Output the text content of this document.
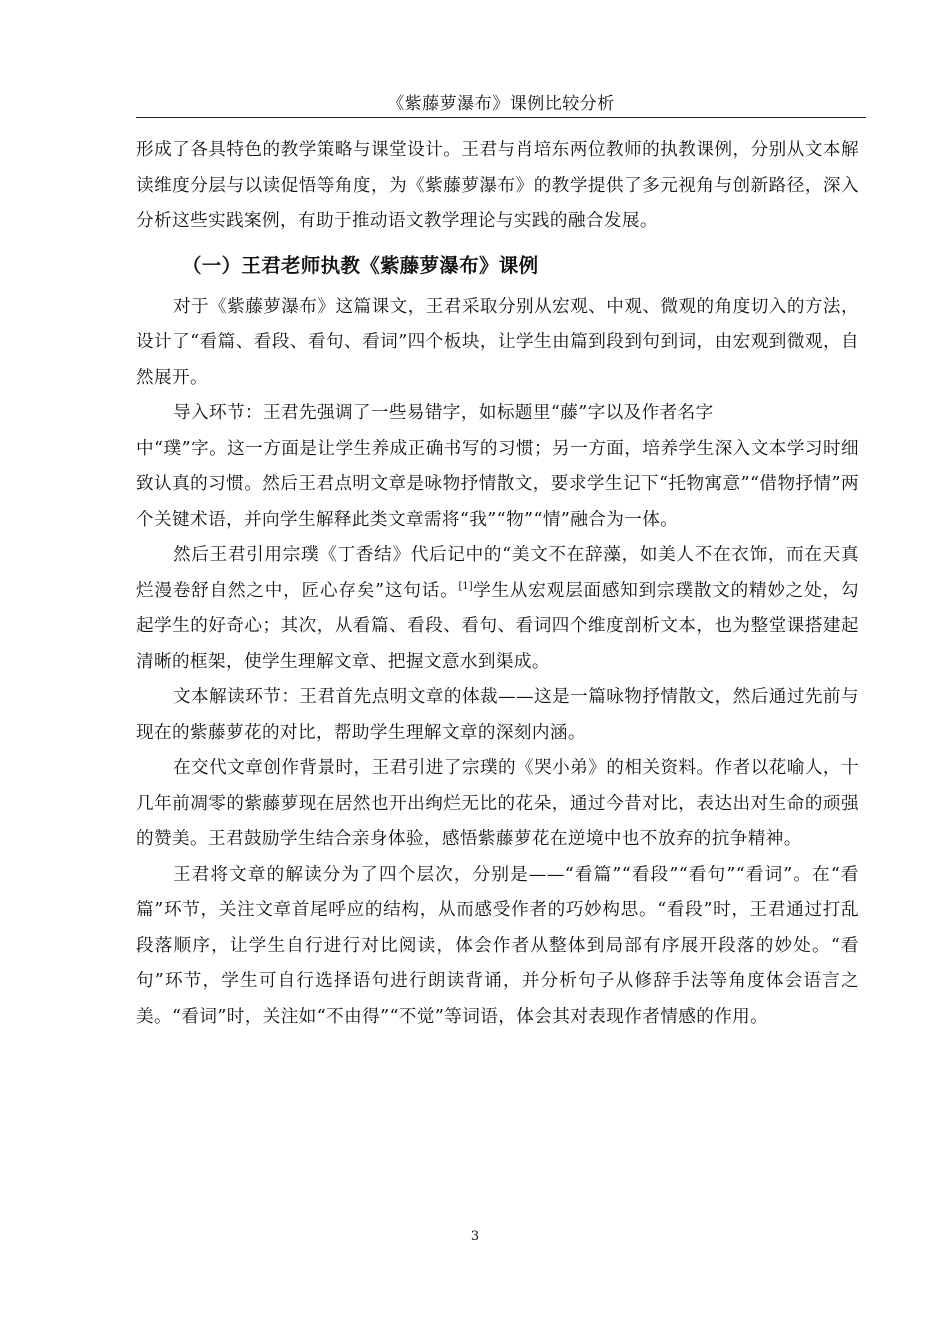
《紫藤萝瀑布》课例比较分析

形成了各具特色的教学策略与课堂设计。王君与肖培东两位教师的执教课例，分别从文本解读维度分层与以读促悟等角度，为《紫藤萝瀑布》的教学提供了多元视角与创新路径，深入分析这些实践案例，有助于推动语文教学理论与实践的融合发展。

（一）王君老师执教《紫藤萝瀑布》课例

对于《紫藤萝瀑布》这篇课文，王君采取分别从宏观、中观、微观的角度切入的方法，设计了“看篇、看段、看句、看词”四个板块，让学生由篇到段到句到词，由宏观到微观，自然展开。

导入环节：王君先强调了一些易错字，如标题里“藤”字以及作者名字
中“璞”字。这一方面是让学生养成正确书写的习惯；另一方面，培养学生深入文本学习时细致认真的习惯。然后王君点明文章是咏物抒情散文，要求学生记下“托物寓意”“借物抒情”两个关键术语，并向学生解释此类文章需将“我”“物”“情”融合为一体。

然后王君引用宗璞《丁香结》代后记中的“美文不在辞藻，如美人不在衣饰，而在天真烂漫卷舒自然之中，匠心存矣”这句话。[1]学生从宏观层面感知到宗璞散文的精妙之处，勾起学生的好奇心；其次，从看篇、看段、看句、看词四个维度剖析文本，也为整堂课搭建起清晰的框架，使学生理解文章、把握文意水到渠成。

文本解读环节：王君首先点明文章的体裁——这是一篇咏物抒情散文，然后通过先前与现在的紫藤萝花的对比，帮助学生理解文章的深刻内涵。

在交代文章创作背景时，王君引进了宗璞的《哭小弟》的相关资料。作者以花喻人，十几年前凋零的紫藤萝现在居然也开出绚烂无比的花朵，通过今昔对比，表达出对生命的顽强的赞美。王君鼓励学生结合亲身体验，感悟紫藤萝花在逆境中也不放弃的抗争精神。

王君将文章的解读分为了四个层次，分别是——“看篇”“看段”“看句”“看词”。在“看篇”环节，关注文章首尾呼应的结构，从而感受作者的巧妙构思。“看段”时，王君通过打乱段落顺序，让学生自行进行对比阅读，体会作者从整体到局部有序展开段落的妙处。“看句”环节，学生可自行选择语句进行朗读背诵，并分析句子从修辞手法等角度体会语言之美。“看词”时，关注如“不由得”“不觉”等词语，体会其对表现作者情感的作用。

3
